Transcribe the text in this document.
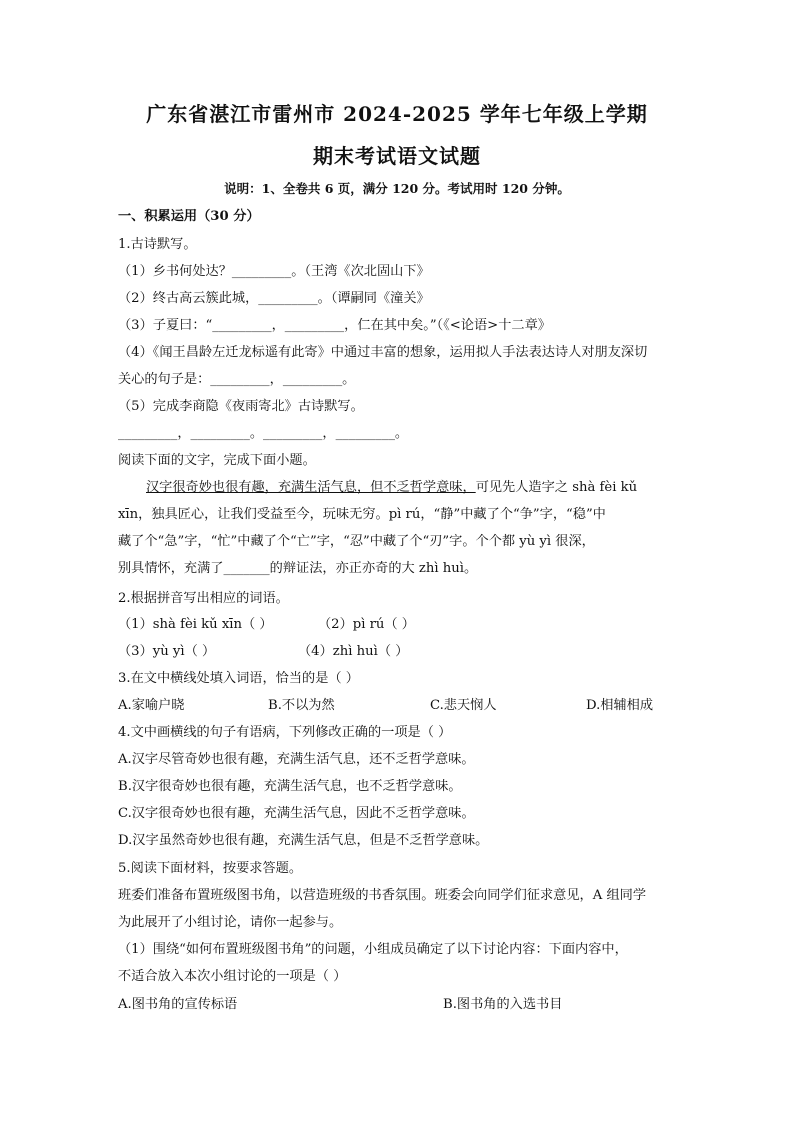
广东省湛江市雷州市 2024-2025 学年七年级上学期
期末考试语文试题
说明：1、全卷共 6 页，满分 120 分。考试用时 120 分钟。
一、积累运用（30 分）
1.古诗默写。
（1）乡书何处达？_________。（王湾《次北固山下》
（2）终古高云簇此城，_________。（谭嗣同《潼关》
（3）子夏曰：“_________，_________，仁在其中矣。”（《<论语>十二章》
（4）《闻王昌龄左迁龙标遥有此寄》中通过丰富的想象，运用拟人手法表达诗人对朋友深切
关心的句子是：_________，_________。
（5）完成李商隐《夜雨寄北》古诗默写。
_________，_________。_________，_________。
阅读下面的文字，完成下面小题。
汉字很奇妙也很有趣，充满生活气息，但不乏哲学意味，可见先人造字之 shà fèi kǔ
xīn，独具匠心，让我们受益至今，玩味无穷。pì rú，“静”中藏了个“争”字，“稳”中
藏了个“急”字，“忙”中藏了个“亡”字，“忍”中藏了个“刃”字。个个都 yù yì 很深，
别具情怀，充满了_______的辩证法，亦正亦奇的大 zhì huì。
2.根据拼音写出相应的词语。
（1）shà fèi kǔ xīn（ ）	（2）pì rú（ ）
（3）yù yì（ ）	（4）zhì huì（ ）
3.在文中横线处填入词语，恰当的是（ ）
A.家喻户晓	B.不以为然	C.悲天悯人	D.相辅相成
4.文中画横线的句子有语病，下列修改正确的一项是（ ）
A.汉字尽管奇妙也很有趣，充满生活气息，还不乏哲学意味。
B.汉字很奇妙也很有趣，充满生活气息，也不乏哲学意味。
C.汉字很奇妙也很有趣，充满生活气息，因此不乏哲学意味。
D.汉字虽然奇妙也很有趣，充满生活气息，但是不乏哲学意味。
5.阅读下面材料，按要求答题。
班委们准备布置班级图书角，以营造班级的书香氛围。班委会向同学们征求意见，A 组同学
为此展开了小组讨论，请你一起参与。
（1）围绕“如何布置班级图书角”的问题，小组成员确定了以下讨论内容：下面内容中，
不适合放入本次小组讨论的一项是（ ）
A.图书角的宣传标语	B.图书角的入选书目
